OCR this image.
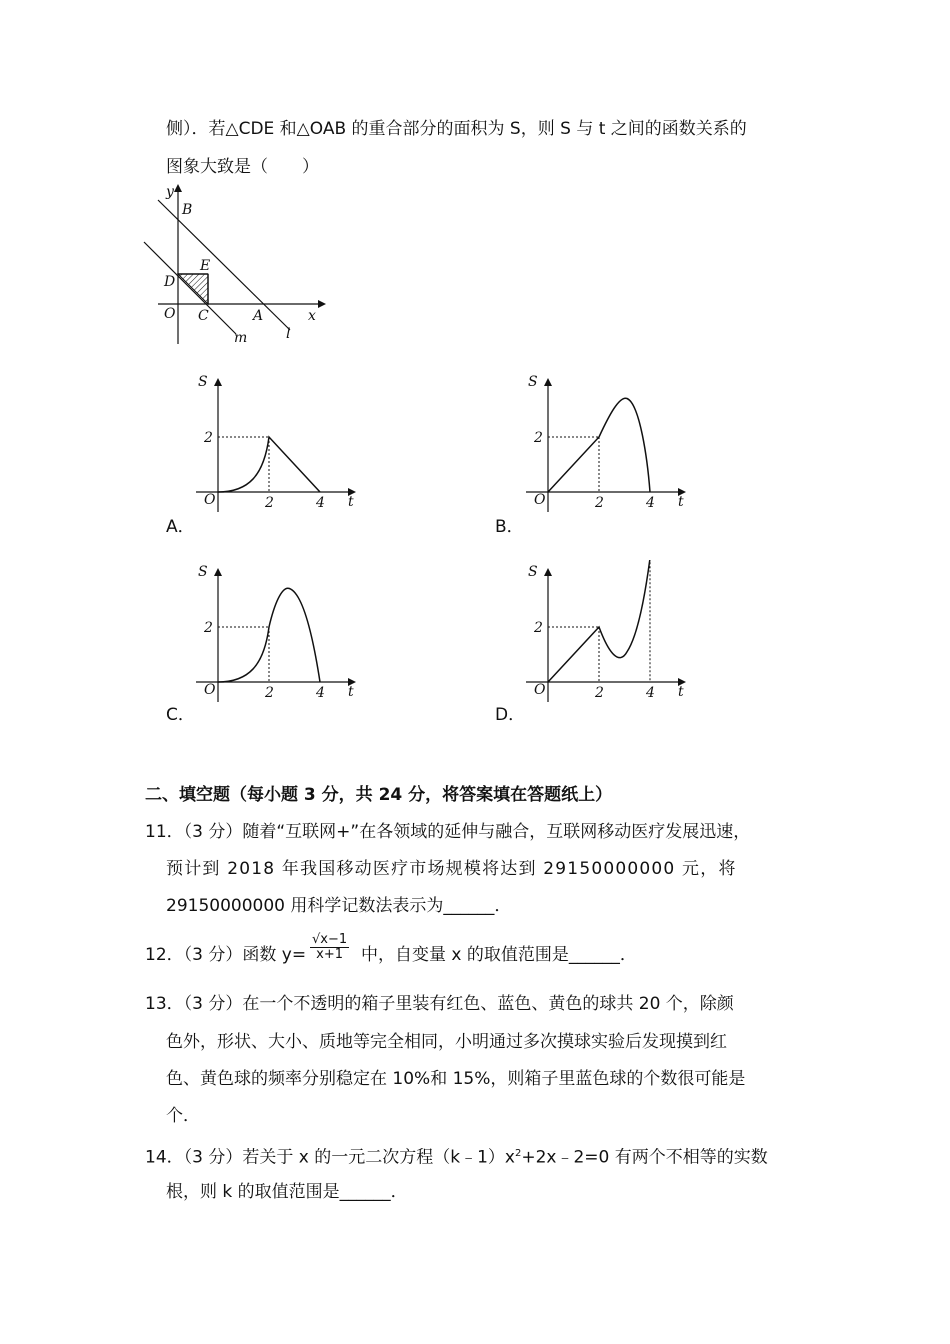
侧）．若△CDE 和△OAB 的重合部分的面积为 S，则 S 与 t 之间的函数关系的
图象大致是（　　）
y
B
E
D
O C	A	x
m	l
S
O
2
2	4 t
S
O
2
2	4 t
S
O
2
2	4 t
S
O
2
2	4 t
A．	B．
C．	D．
二、填空题（每小题 3 分，共 24 分，将答案填在答题纸上）
11．（3 分）随着“互联网+”在各领域的延伸与融合，互联网移动医疗发展迅速，
预计到 2018 年我国移动医疗市场规模将达到 29150000000 元，将
29150000000 用科学记数法表示为______．
12．（3 分）函数 $y= \frac{√x-1}{x+1}$ 中，自变量 x 的取值范围是______．
13．（3 分）在一个不透明的箱子里装有红色、蓝色、黄色的球共 20 个，除颜
色外，形状、大小、质地等完全相同，小明通过多次摸球实验后发现摸到红
色、黄色球的频率分别稳定在 10%和 15%，则箱子里蓝色球的个数很可能是
个．
14．（3 分）若关于 x 的一元二次方程$(k﹣1)x^2+2x﹣2=0$ 有两个不相等的实数
根，则 k 的取值范围是______．
